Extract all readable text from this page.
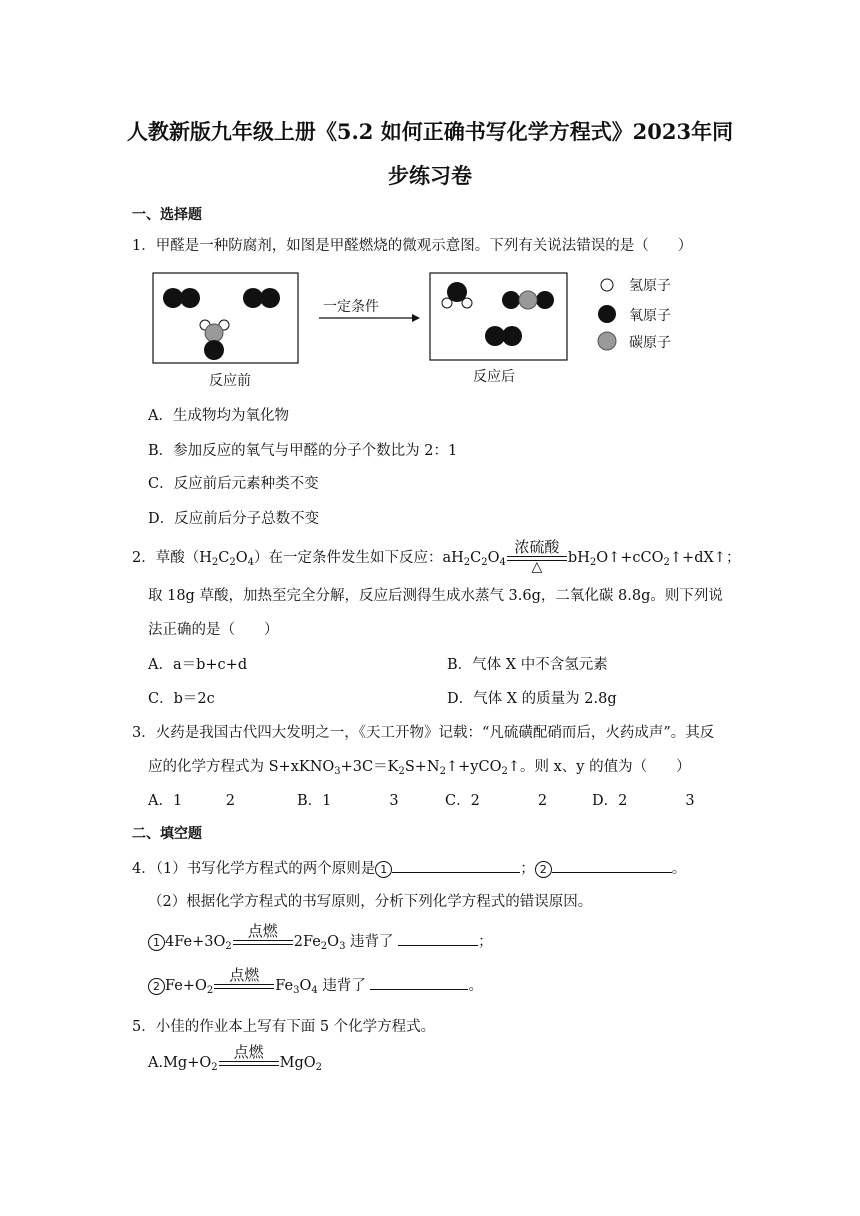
人教新版九年级上册《5.2 如何正确书写化学方程式》2023年同
步练习卷
一、选择题
1．甲醛是一种防腐剂，如图是甲醛燃烧的微观示意图。下列有关说法错误的是（　　）
一定条件
反应前	反应后
氢原子
氧原子
碳原子
A．生成物均为氧化物
B．参加反应的氧气与甲醛的分子个数比为 2：1
C．反应前后元素种类不变
D．反应前后分子总数不变
2．草酸$(H_2C_2O_4)$在一定条件发生如下反应：$aH_2C_2O_4$
浓硫酸
△
$bH_2O↑+cCO_2↑+dX↑$；
取 18g 草酸，加热至完全分解，反应后测得生成水蒸气 3.6g，二氧化碳 8.8g。则下列说
法正确的是（　　）
A．a＝b+c+d	B．气体 X 中不含氢元素
C．b＝2c	D．气体 X 的质量为 2.8g
3．火药是我国古代四大发明之一，《天工开物》记载：“凡硫磺配硝而后，火药成声”。其反
应的化学方程式为 $S+xKNO_3+3C=K_2S+N_2↑+yCO_2↑$。则 x、y 的值为（　　）
A．1　　　2	B．1　　　　3	C．2　　　　2	D．2　　　　3
二、填空题
4．（1）书写化学方程式的两个原则是 1	； 2	。
（2）根据化学方程式的书写原则，分析下列化学方程式的错误原因。
1 $4Fe+3O_2$
点燃
$2Fe_2O_3$ 违背了	；
2 $Fe+O_2$
点燃
$Fe_3O_4$ 违背了	。
5．小佳的作业本上写有下面 5 个化学方程式。
$A.Mg+O_2$
点燃
MgO$_2$
